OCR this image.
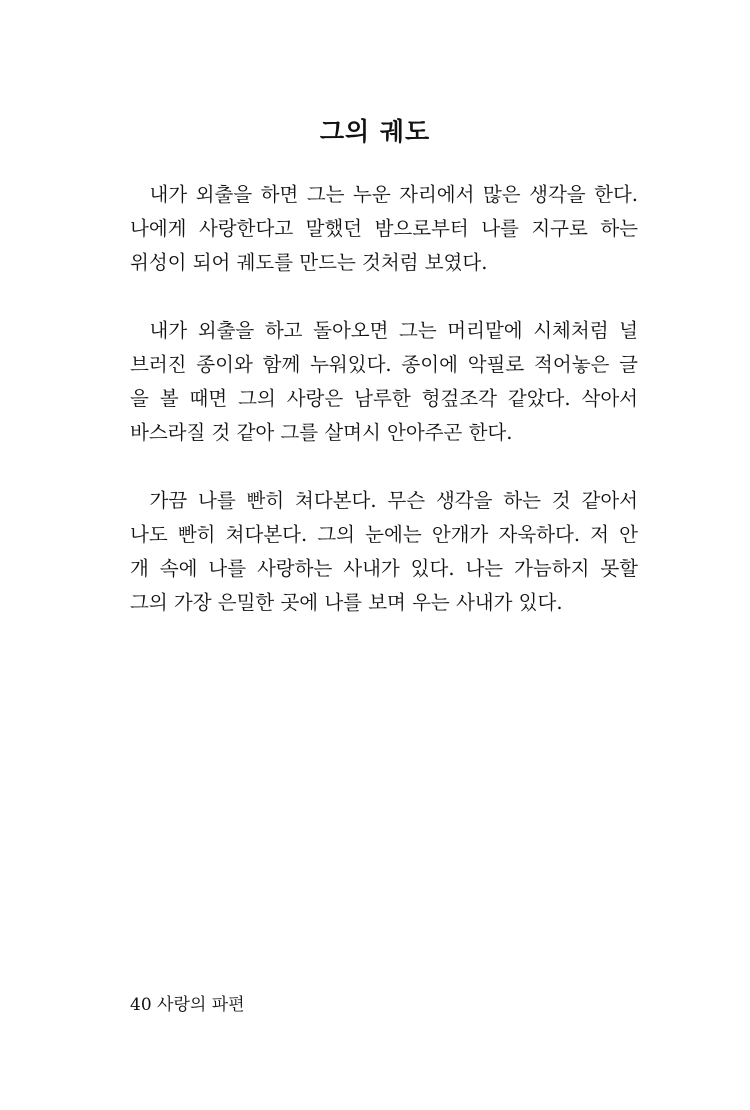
그의 궤도
 내가 외출을 하면 그는 누운 자리에서 많은 생각을 한다.
나에게 사랑한다고 말했던 밤으로부터 나를 지구로 하는
위성이 되어 궤도를 만드는 것처럼 보였다.
 내가 외출을 하고 돌아오면 그는 머리맡에 시체처럼 널
브러진 종이와 함께 누워있다. 종이에 악필로 적어놓은 글
을 볼 때면 그의 사랑은 남루한 헝겊조각 같았다. 삭아서
바스라질 것 같아 그를 살며시 안아주곤 한다.
 가끔 나를 빤히 쳐다본다. 무슨 생각을 하는 것 같아서
나도 빤히 쳐다본다. 그의 눈에는 안개가 자욱하다. 저 안
개 속에 나를 사랑하는 사내가 있다. 나는 가늠하지 못할
그의 가장 은밀한 곳에 나를 보며 우는 사내가 있다.
40 사랑의 파편
